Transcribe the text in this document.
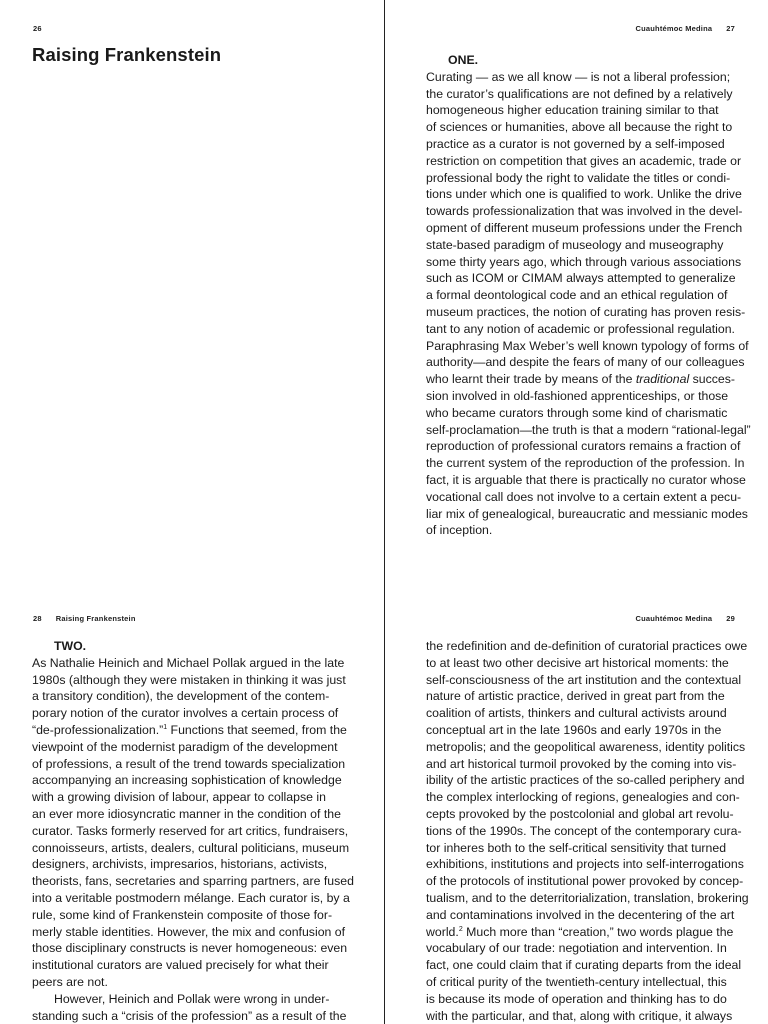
26
Raising Frankenstein
Cuauhtémoc Medina 27
ONE.
Curating — as we all know — is not a liberal profession;
the curator’s qualifications are not defined by a relatively
homogeneous higher education training similar to that
of sciences or humanities, above all because the right to
practice as a curator is not governed by a self-imposed
restriction on competition that gives an academic, trade or
professional body the right to validate the titles or condi-
tions under which one is qualified to work. Unlike the drive
towards professionalization that was involved in the devel-
opment of different museum professions under the French
state-based paradigm of museology and museography
some thirty years ago, which through various associations
such as ICOM or CIMAM always attempted to generalize
a formal deontological code and an ethical regulation of
museum practices, the notion of curating has proven resis-
tant to any notion of academic or professional regulation.
Paraphrasing Max Weber’s well known typology of forms of
authority—and despite the fears of many of our colleagues
who learnt their trade by means of the traditional succes-
sion involved in old-fashioned apprenticeships, or those
who became curators through some kind of charismatic
self-proclamation—the truth is that a modern “rational-legal”
reproduction of professional curators remains a fraction of
the current system of the reproduction of the profession. In
fact, it is arguable that there is practically no curator whose
vocational call does not involve to a certain extent a pecu-
liar mix of genealogical, bureaucratic and messianic modes
of inception.
28 Raising Frankenstein
TWO.
As Nathalie Heinich and Michael Pollak argued in the late
1980s (although they were mistaken in thinking it was just
a transitory condition), the development of the contem-
porary notion of the curator involves a certain process of
“de-professionalization.”$^1$ Functions that seemed, from the
viewpoint of the modernist paradigm of the development
of professions, a result of the trend towards specialization
accompanying an increasing sophistication of knowledge
with a growing division of labour, appear to collapse in
an ever more idiosyncratic manner in the condition of the
curator. Tasks formerly reserved for art critics, fundraisers,
connoisseurs, artists, dealers, cultural politicians, museum
designers, archivists, impresarios, historians, activists,
theorists, fans, secretaries and sparring partners, are fused
into a veritable postmodern mélange. Each curator is, by a
rule, some kind of Frankenstein composite of those for-
merly stable identities. However, the mix and confusion of
those disciplinary constructs is never homogeneous: even
institutional curators are valued precisely for what their
peers are not.
However, Heinich and Pollak were wrong in under-
standing such a “crisis of the profession” as a result of the
Cuauhtémoc Medina 29
the redefinition and de-definition of curatorial practices owe
to at least two other decisive art historical moments: the
self-consciousness of the art institution and the contextual
nature of artistic practice, derived in great part from the
coalition of artists, thinkers and cultural activists around
conceptual art in the late 1960s and early 1970s in the
metropolis; and the geopolitical awareness, identity politics
and art historical turmoil provoked by the coming into vis-
ibility of the artistic practices of the so-called periphery and
the complex interlocking of regions, genealogies and con-
cepts provoked by the postcolonial and global art revolu-
tions of the 1990s. The concept of the contemporary cura-
tor inheres both to the self-critical sensitivity that turned
exhibitions, institutions and projects into self-interrogations
of the protocols of institutional power provoked by concep-
tualism, and to the deterritorialization, translation, brokering
and contaminations involved in the decentering of the art
world.$^2$ Much more than “creation,” two words plague the
vocabulary of our trade: negotiation and intervention. In
fact, one could claim that if curating departs from the ideal
of critical purity of the twentieth-century intellectual, this
is because its mode of operation and thinking has to do
with the particular, and that, along with critique, it always
